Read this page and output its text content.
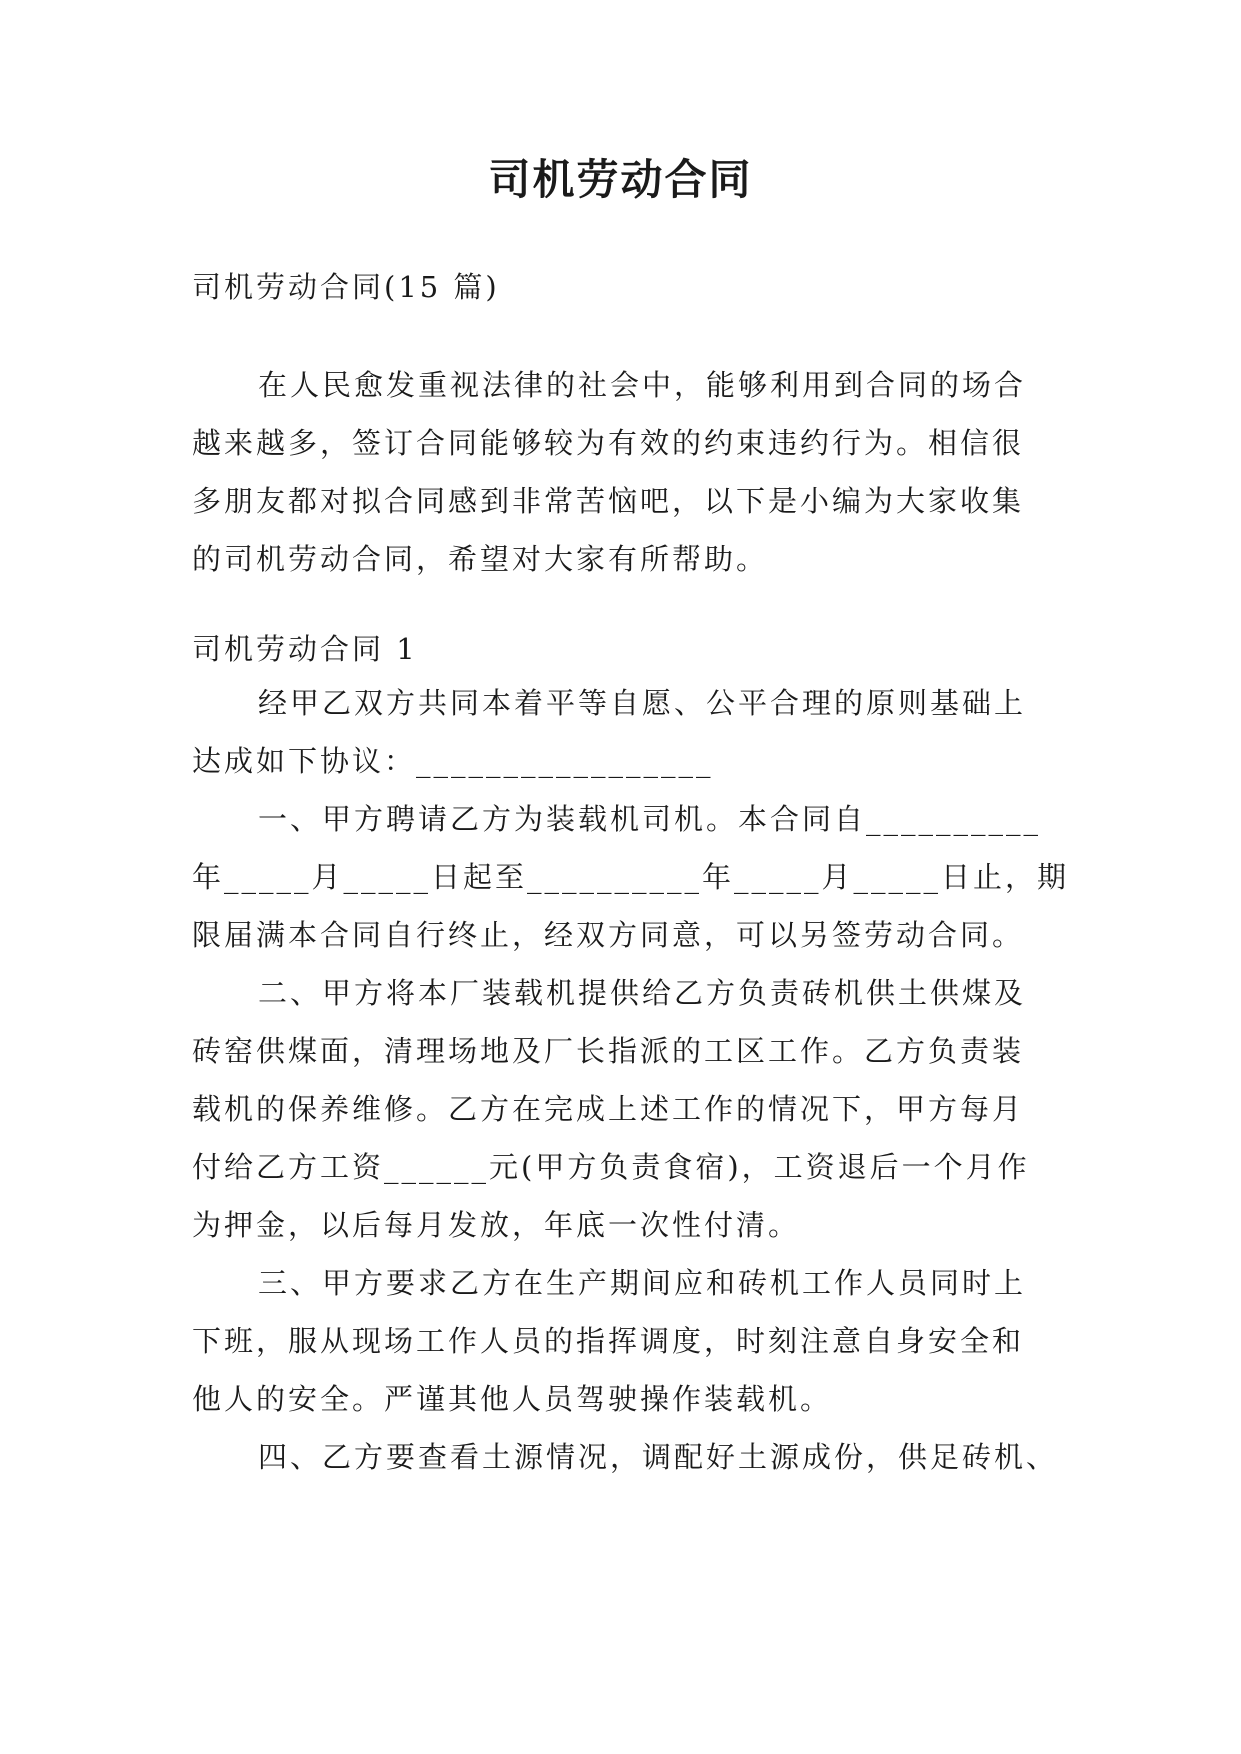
司机劳动合同

司机劳动合同(15 篇)

在人民愈发重视法律的社会中，能够利用到合同的场合
越来越多，签订合同能够较为有效的约束违约行为。相信很
多朋友都对拟合同感到非常苦恼吧，以下是小编为大家收集
的司机劳动合同，希望对大家有所帮助。

司机劳动合同 1

经甲乙双方共同本着平等自愿、公平合理的原则基础上
达成如下协议：_________________
一、甲方聘请乙方为装载机司机。本合同自__________
年_____月_____日起至__________年_____月_____日止，期
限届满本合同自行终止，经双方同意，可以另签劳动合同。
二、甲方将本厂装载机提供给乙方负责砖机供土供煤及
砖窑供煤面，清理场地及厂长指派的工区工作。乙方负责装
载机的保养维修。乙方在完成上述工作的情况下，甲方每月
付给乙方工资______元(甲方负责食宿)，工资退后一个月作
为押金，以后每月发放，年底一次性付清。
三、甲方要求乙方在生产期间应和砖机工作人员同时上
下班，服从现场工作人员的指挥调度，时刻注意自身安全和
他人的安全。严谨其他人员驾驶操作装载机。
四、乙方要查看土源情况，调配好土源成份，供足砖机、
